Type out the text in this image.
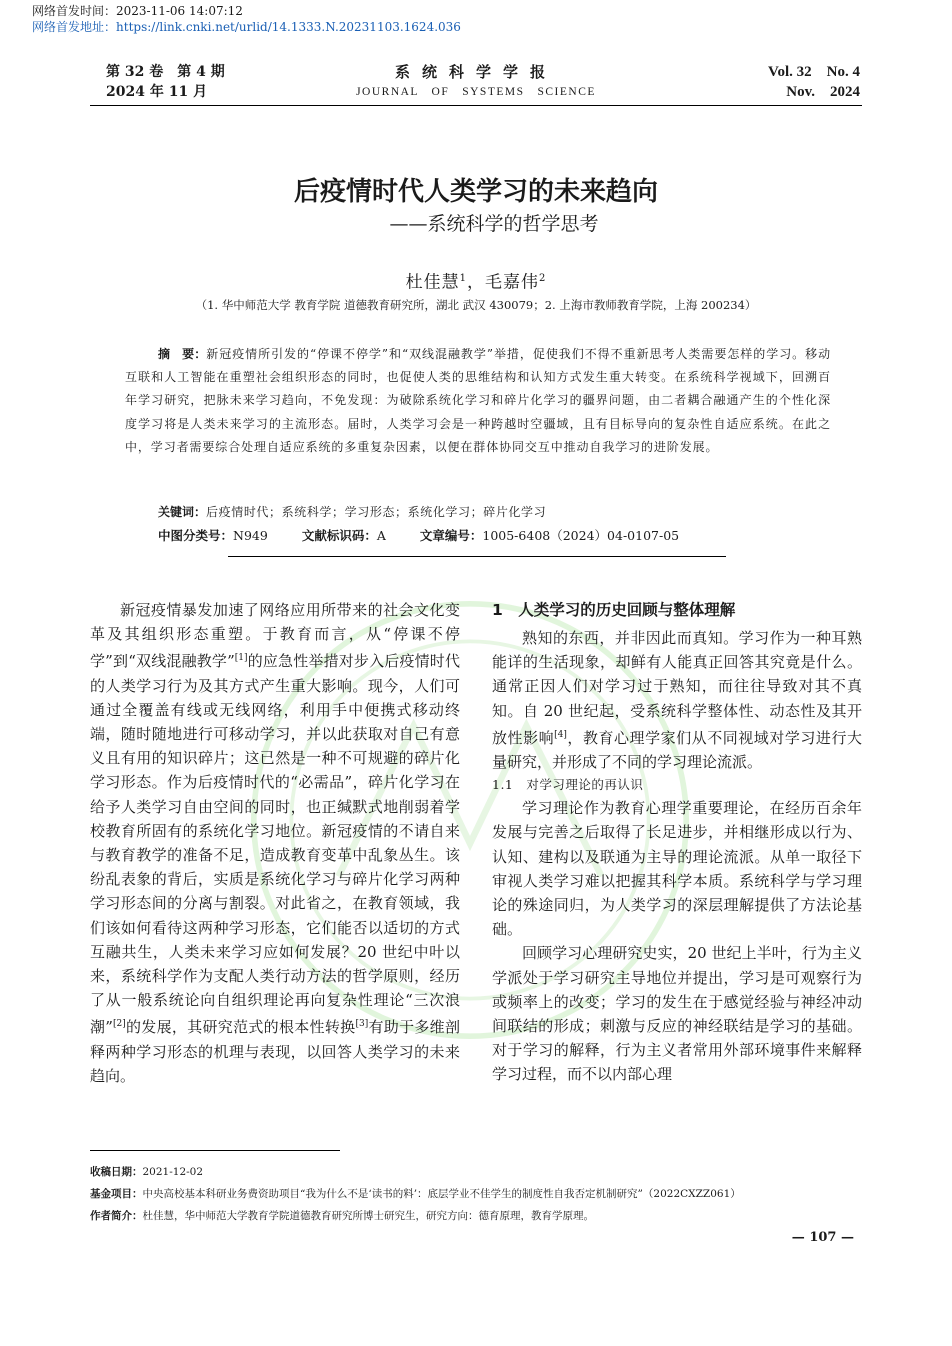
网络首发时间：2023-11-06 14:07:12
网络首发地址：https://link.cnki.net/urlid/14.1333.N.20231103.1624.036
第 32 卷　第 4 期
2024 年 11 月
系统科学学报
JOURNAL　OF　SYSTEMS　SCIENCE
Vol. 32　No. 4
Nov.　2024
后疫情时代人类学习的未来趋向
——系统科学的哲学思考
杜佳慧$^1$，毛嘉伟$^2$
（1. 华中师范大学 教育学院 道德教育研究所，湖北 武汉 430079；2. 上海市教师教育学院，上海 200234）
摘　要：新冠疫情所引发的“停课不停学”和“双线混融教学”举措，促使我们不得不重新思考人类需要怎样的学习。移动互联和人工智能在重塑社会组织形态的同时，也促使人类的思维结构和认知方式发生重大转变。在系统科学视域下，回溯百年学习研究，把脉未来学习趋向，不免发现：为破除系统化学习和碎片化学习的疆界问题，由二者耦合融通产生的个性化深度学习将是人类未来学习的主流形态。届时，人类学习会是一种跨越时空疆域，且有目标导向的复杂性自适应系统。在此之中，学习者需要综合处理自适应系统的多重复杂因素，以便在群体协同交互中推动自我学习的进阶发展。
关键词：后疫情时代；系统科学；学习形态；系统化学习；碎片化学习
中图分类号：N949	文献标识码：A	文章编号：1005-6408（2024）04-0107-05

新冠疫情暴发加速了网络应用所带来的社会文化变革及其组织形态重塑。于教育而言，从“停课不停学”到“双线混融教学”[1]的应急性举措对步入后疫情时代的人类学习行为及其方式产生重大影响。现今，人们可通过全覆盖有线或无线网络，利用手中便携式移动终端，随时随地进行可移动学习，并以此获取对自己有意义且有用的知识碎片；这已然是一种不可规避的碎片化学习形态。作为后疫情时代的“必需品”，碎片化学习在给予人类学习自由空间的同时，也正缄默式地削弱着学校教育所固有的系统化学习地位。新冠疫情的不请自来与教育教学的准备不足，造成教育变革中乱象丛生。该纷乱表象的背后，实质是系统化学习与碎片化学习两种学习形态间的分离与割裂。对此省之，在教育领域，我们该如何看待这两种学习形态，它们能否以适切的方式互融共生，人类未来学习应如何发展？20 世纪中叶以来，系统科学作为支配人类行动方法的哲学原则，经历了从一般系统论向自组织理论再向复杂性理论“三次浪潮”[2]的发展，其研究范式的根本性转换[3]有助于多维剖释两种学习形态的机理与表现，以回答人类学习的未来趋向。

1　人类学习的历史回顾与整体理解

熟知的东西，并非因此而真知。学习作为一种耳熟能详的生活现象，却鲜有人能真正回答其究竟是什么。通常正因人们对学习过于熟知，而往往导致对其不真知。自 20 世纪起，受系统科学整体性、动态性及其开放性影响[4]，教育心理学家们从不同视域对学习进行大量研究，并形成了不同的学习理论流派。

1.1　对学习理论的再认识

学习理论作为教育心理学重要理论，在经历百余年发展与完善之后取得了长足进步，并相继形成以行为、认知、建构以及联通为主导的理论流派。从单一取径下审视人类学习难以把握其科学本质。系统科学与学习理论的殊途同归，为人类学习的深层理解提供了方法论基础。

回顾学习心理研究史实，20 世纪上半叶，行为主义学派处于学习研究主导地位并提出，学习是可观察行为或频率上的改变；学习的发生在于感觉经验与神经冲动间联结的形成；刺激与反应的神经联结是学习的基础。对于学习的解释，行为主义者常用外部环境事件来解释学习过程，而不以内部心理

收稿日期：2021-12-02
基金项目：中央高校基本科研业务费资助项目“我为什么不是‘读书的料’：底层学业不佳学生的制度性自我否定机制研究”（2022CXZZ061）
作者简介：杜佳慧，华中师范大学教育学院道德教育研究所博士研究生，研究方向：德育原理，教育学原理。
— 107 —
